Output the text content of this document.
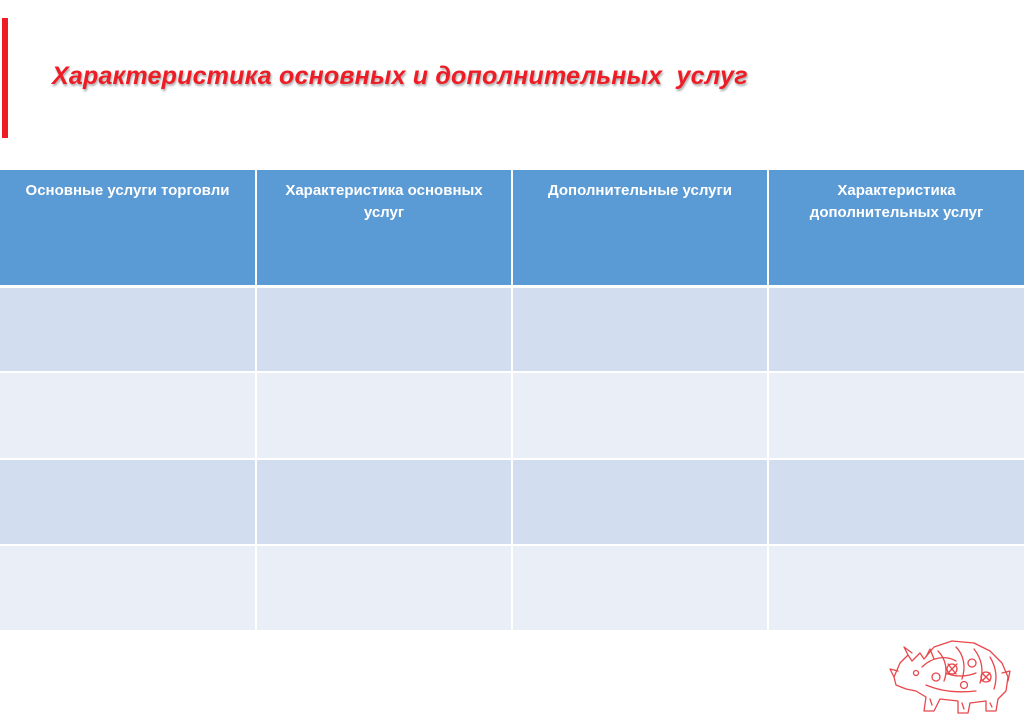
Характеристика основных и дополнительных  услуг
Основные услуги торговли	Характеристика основных услуг	Дополнительные услуги	Характеристика дополнительных услуг
